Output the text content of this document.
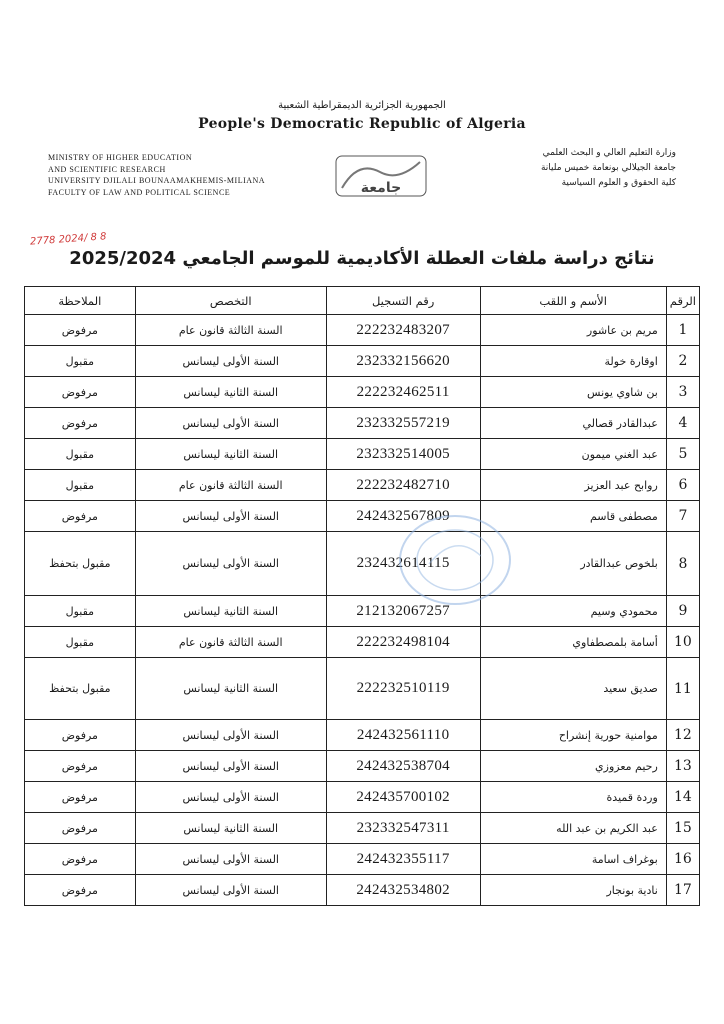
الجمهورية الجزائرية الديمقراطية الشعبية
People's Democratic Republic of Algeria
MINISTRY OF HIGHER EDUCATION
AND SCIENTIFIC RESEARCH
UNIVERSITY DJILALI BOUNAAMAKHEMIS-MILIANA
FACULTY OF LAW AND POLITICAL SCIENCE	جامعة
وزارة التعليم العالي و البحث العلمي
جامعة الجيلالي بونعامة خميس مليانة
كلية الحقوق و العلوم السياسية
2778 2024/ 8 8
نتائج دراسة ملفات العطلة الأكاديمية للموسم الجامعي 2025/2024
الرقم	الأسم و اللقب	رقم التسجيل	التخصص	الملاحظة
1	مريم بن عاشور	222232483207	السنة الثالثة قانون عام	مرفوض
2	اوقارة خولة	232332156620	السنة الأولى ليسانس	مقبول
3	بن شاوي يونس	222232462511	السنة الثانية ليسانس	مرفوض
4	عبدالقادر قصالي	232332557219	السنة الأولى ليسانس	مرفوض
5	عبد الغني ميمون	232332514005	السنة الثانية ليسانس	مقبول
6	روابح عبد العزيز	222232482710	السنة الثالثة قانون عام	مقبول
7	مصطفى قاسم	242432567809	السنة الأولى ليسانس	مرفوض
8	بلخوص عبدالقادر	232432614115	السنة الأولى ليسانس	مقبول بتحفظ
9	محمودي وسيم	212132067257	السنة الثانية ليسانس	مقبول
10	أسامة بلمصطفاوي	222232498104	السنة الثالثة قانون عام	مقبول
11	صديق سعيد	222232510119	السنة الثانية ليسانس	مقبول بتحفظ
12	موامنية حورية إنشراح	242432561110	السنة الأولى ليسانس	مرفوض
13	رحيم معزوزي	242432538704	السنة الأولى ليسانس	مرفوض
14	وردة قميدة	242435700102	السنة الأولى ليسانس	مرفوض
15	عبد الكريم بن عبد الله	232332547311	السنة الثانية ليسانس	مرفوض
16	بوغراف اسامة	242432355117	السنة الأولى ليسانس	مرفوض
17	نادية بونجار	242432534802	السنة الأولى ليسانس	مرفوض
